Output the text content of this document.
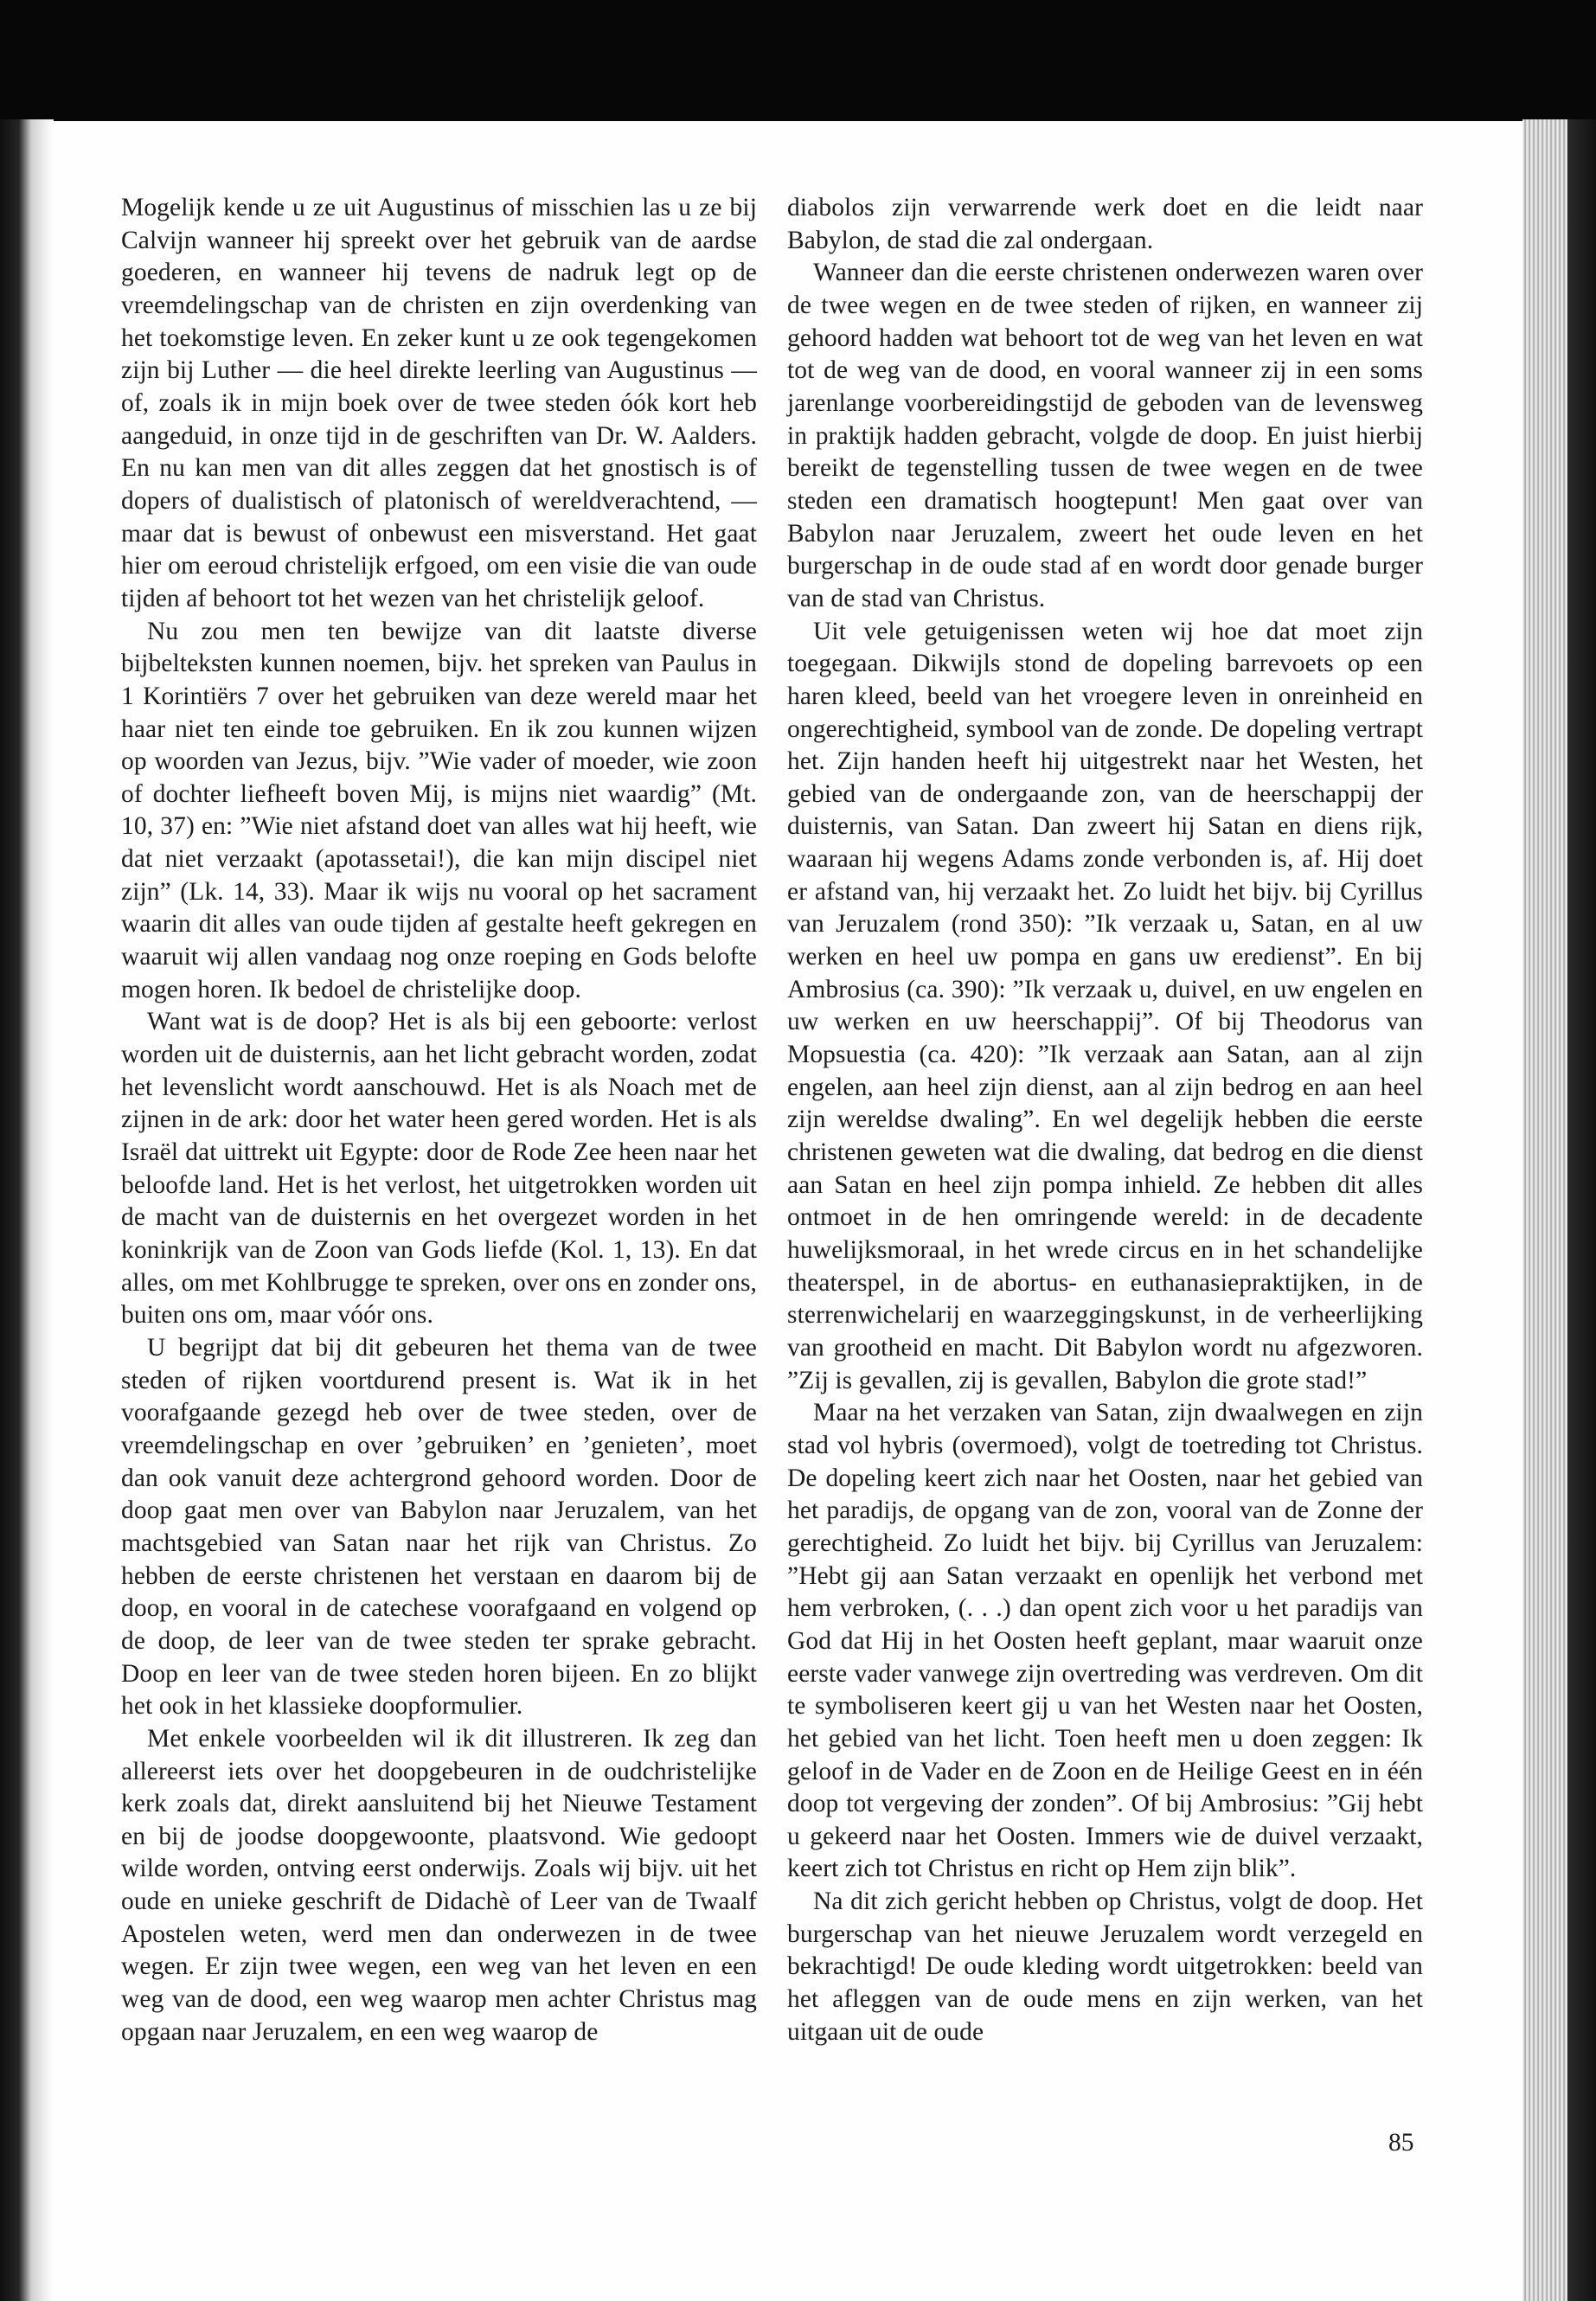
Mogelijk kende u ze uit Augustinus of misschien las u ze bij Calvijn wanneer hij spreekt over het gebruik van de aardse goederen, en wanneer hij tevens de nadruk legt op de vreemdelingschap van de christen en zijn overdenking van het toekomstige leven. En zeker kunt u ze ook tegengekomen zijn bij Luther — die heel direkte leerling van Augustinus — of, zoals ik in mijn boek over de twee steden óók kort heb aangeduid, in onze tijd in de geschriften van Dr. W. Aalders. En nu kan men van dit alles zeggen dat het gnostisch is of dopers of dualistisch of platonisch of wereldverachtend, — maar dat is bewust of onbewust een misverstand. Het gaat hier om eeroud christelijk erfgoed, om een visie die van oude tijden af behoort tot het wezen van het christelijk geloof.

Nu zou men ten bewijze van dit laatste diverse bijbelteksten kunnen noemen, bijv. het spreken van Paulus in 1 Korintiërs 7 over het gebruiken van deze wereld maar het haar niet ten einde toe gebruiken. En ik zou kunnen wijzen op woorden van Jezus, bijv. ”Wie vader of moeder, wie zoon of dochter liefheeft boven Mij, is mijns niet waardig” (Mt. 10, 37) en: ”Wie niet afstand doet van alles wat hij heeft, wie dat niet verzaakt (apotassetai!), die kan mijn discipel niet zijn” (Lk. 14, 33). Maar ik wijs nu vooral op het sacrament waarin dit alles van oude tijden af gestalte heeft gekregen en waaruit wij allen vandaag nog onze roeping en Gods belofte mogen horen. Ik bedoel de christelijke doop.

Want wat is de doop? Het is als bij een geboorte: verlost worden uit de duisternis, aan het licht gebracht worden, zodat het levenslicht wordt aanschouwd. Het is als Noach met de zijnen in de ark: door het water heen gered worden. Het is als Israël dat uittrekt uit Egypte: door de Rode Zee heen naar het beloofde land. Het is het verlost, het uitgetrokken worden uit de macht van de duisternis en het overgezet worden in het koninkrijk van de Zoon van Gods liefde (Kol. 1, 13). En dat alles, om met Kohlbrugge te spreken, over ons en zonder ons, buiten ons om, maar vóór ons.

U begrijpt dat bij dit gebeuren het thema van de twee steden of rijken voortdurend present is. Wat ik in het voorafgaande gezegd heb over de twee steden, over de vreemdelingschap en over ’gebruiken’ en ’genieten’, moet dan ook vanuit deze achtergrond gehoord worden. Door de doop gaat men over van Babylon naar Jeruzalem, van het machtsgebied van Satan naar het rijk van Christus. Zo hebben de eerste christenen het verstaan en daarom bij de doop, en vooral in de catechese voorafgaand en volgend op de doop, de leer van de twee steden ter sprake gebracht. Doop en leer van de twee steden horen bijeen. En zo blijkt het ook in het klassieke doopformulier.

Met enkele voorbeelden wil ik dit illustreren. Ik zeg dan allereerst iets over het doopgebeuren in de oudchristelijke kerk zoals dat, direkt aansluitend bij het Nieuwe Testament en bij de joodse doopgewoonte, plaatsvond. Wie gedoopt wilde worden, ontving eerst onderwijs. Zoals wij bijv. uit het oude en unieke geschrift de Didachè of Leer van de Twaalf Apostelen weten, werd men dan onderwezen in de twee wegen. Er zijn twee wegen, een weg van het leven en een weg van de dood, een weg waarop men achter Christus mag opgaan naar Jeruzalem, en een weg waarop de

diabolos zijn verwarrende werk doet en die leidt naar Babylon, de stad die zal ondergaan.

Wanneer dan die eerste christenen onderwezen waren over de twee wegen en de twee steden of rijken, en wanneer zij gehoord hadden wat behoort tot de weg van het leven en wat tot de weg van de dood, en vooral wanneer zij in een soms jarenlange voorbereidingstijd de geboden van de levensweg in praktijk hadden gebracht, volgde de doop. En juist hierbij bereikt de tegenstelling tussen de twee wegen en de twee steden een dramatisch hoogtepunt! Men gaat over van Babylon naar Jeruzalem, zweert het oude leven en het burgerschap in de oude stad af en wordt door genade burger van de stad van Christus.

Uit vele getuigenissen weten wij hoe dat moet zijn toegegaan. Dikwijls stond de dopeling barrevoets op een haren kleed, beeld van het vroegere leven in onreinheid en ongerechtigheid, symbool van de zonde. De dopeling vertrapt het. Zijn handen heeft hij uitgestrekt naar het Westen, het gebied van de ondergaande zon, van de heerschappij der duisternis, van Satan. Dan zweert hij Satan en diens rijk, waaraan hij wegens Adams zonde verbonden is, af. Hij doet er afstand van, hij verzaakt het. Zo luidt het bijv. bij Cyrillus van Jeruzalem (rond 350): ”Ik verzaak u, Satan, en al uw werken en heel uw pompa en gans uw eredienst”. En bij Ambrosius (ca. 390): ”Ik verzaak u, duivel, en uw engelen en uw werken en uw heerschappij”. Of bij Theodorus van Mopsuestia (ca. 420): ”Ik verzaak aan Satan, aan al zijn engelen, aan heel zijn dienst, aan al zijn bedrog en aan heel zijn wereldse dwaling”. En wel degelijk hebben die eerste christenen geweten wat die dwaling, dat bedrog en die dienst aan Satan en heel zijn pompa inhield. Ze hebben dit alles ontmoet in de hen omringende wereld: in de decadente huwelijksmoraal, in het wrede circus en in het schandelijke theaterspel, in de abortus- en euthanasiepraktijken, in de sterrenwichelarij en waarzeggingskunst, in de verheerlijking van grootheid en macht. Dit Babylon wordt nu afgezworen. ”Zij is gevallen, zij is gevallen, Babylon die grote stad!”

Maar na het verzaken van Satan, zijn dwaalwegen en zijn stad vol hybris (overmoed), volgt de toetreding tot Christus. De dopeling keert zich naar het Oosten, naar het gebied van het paradijs, de opgang van de zon, vooral van de Zonne der gerechtigheid. Zo luidt het bijv. bij Cyrillus van Jeruzalem: ”Hebt gij aan Satan verzaakt en openlijk het verbond met hem verbroken, (. . .) dan opent zich voor u het paradijs van God dat Hij in het Oosten heeft geplant, maar waaruit onze eerste vader vanwege zijn overtreding was verdreven. Om dit te symboliseren keert gij u van het Westen naar het Oosten, het gebied van het licht. Toen heeft men u doen zeggen: Ik geloof in de Vader en de Zoon en de Heilige Geest en in één doop tot vergeving der zonden”. Of bij Ambrosius: ”Gij hebt u gekeerd naar het Oosten. Immers wie de duivel verzaakt, keert zich tot Christus en richt op Hem zijn blik”.

Na dit zich gericht hebben op Christus, volgt de doop. Het burgerschap van het nieuwe Jeruzalem wordt verzegeld en bekrachtigd! De oude kleding wordt uitgetrokken: beeld van het afleggen van de oude mens en zijn werken, van het uitgaan uit de oude

85
